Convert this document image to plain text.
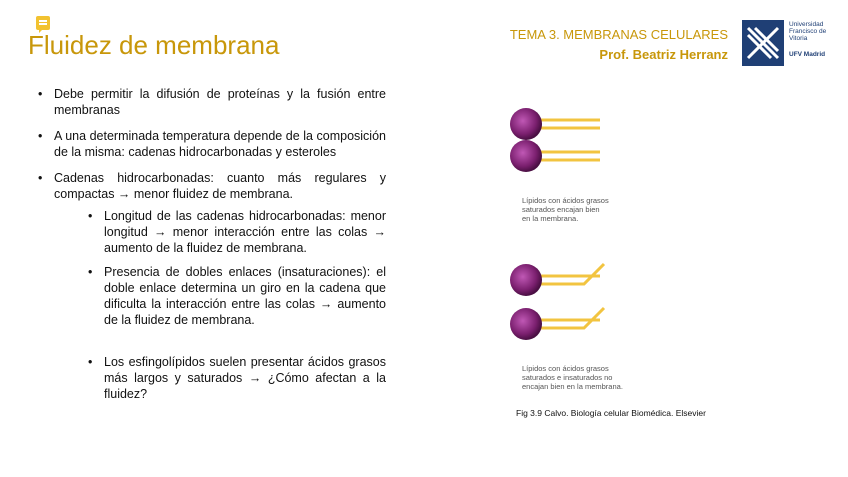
Fluidez de membrana	TEMA 3. MEMBRANAS CELULARES
Prof. Beatriz Herranz
Universidad
Francisco de
Vitoria
UFV Madrid
• Debe permitir la difusión de proteínas y la fusión entre membranas
• A una determinada temperatura depende de la composición de la misma: cadenas hidrocarbonadas y esteroles
• Cadenas hidrocarbonadas: cuanto más regulares y compactas → menor fluidez de membrana.
• Longitud de las cadenas hidrocarbonadas: menor longitud → menor interacción entre las colas → aumento de la fluidez de membrana.
• Presencia de dobles enlaces (insaturaciones): el doble enlace determina un giro en la cadena que dificulta la interacción entre las colas → aumento de la fluidez de membrana.
• Los esfingolípidos suelen presentar ácidos grasos más largos y saturados → ¿Cómo afectan a la fluidez?
Lípidos con ácidos grasos
saturados encajan bien
en la membrana.
Lípidos con ácidos grasos
saturados e insaturados no
encajan bien en la membrana.
Fig 3.9 Calvo. Biología celular Biomédica. Elsevier
